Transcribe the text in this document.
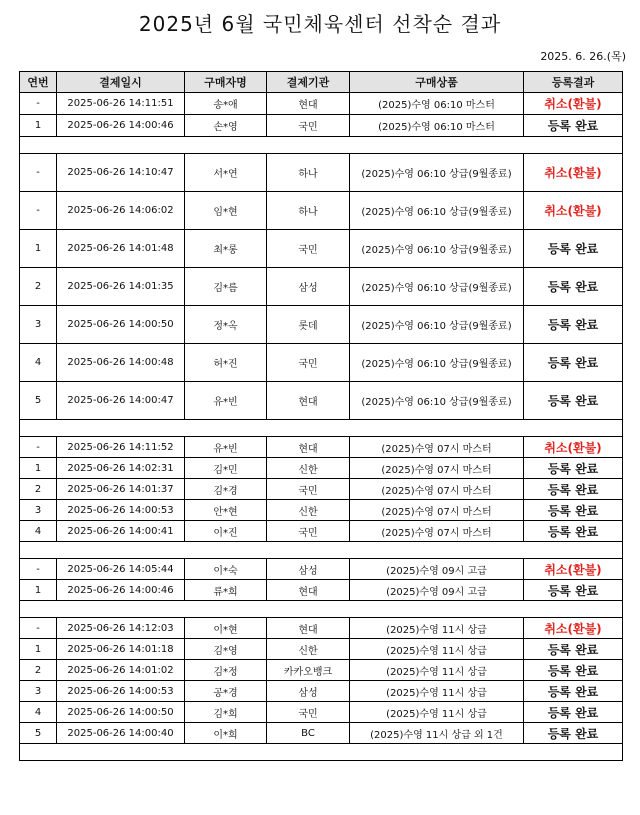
2025년 6월 국민체육센터 선착순 결과
2025. 6. 26.(목)
연번	결제일시	구매자명	결제기관	구매상품	등록결과
-	2025-06-26 14:11:51	송*애	현대	(2025)수영 06:10 마스터	취소(환불)
1	2025-06-26 14:00:46	손*영	국민	(2025)수영 06:10 마스터	등록 완료

-	2025-06-26 14:10:47	서*연	하나	(2025)수영 06:10 상급(9월종료)	취소(환불)
-	2025-06-26 14:06:02	임*현	하나	(2025)수영 06:10 상급(9월종료)	취소(환불)
1	2025-06-26 14:01:48	최*롱	국민	(2025)수영 06:10 상급(9월종료)	등록 완료
2	2025-06-26 14:01:35	김*름	삼성	(2025)수영 06:10 상급(9월종료)	등록 완료
3	2025-06-26 14:00:50	정*옥	롯데	(2025)수영 06:10 상급(9월종료)	등록 완료
4	2025-06-26 14:00:48	허*진	국민	(2025)수영 06:10 상급(9월종료)	등록 완료
5	2025-06-26 14:00:47	유*빈	현대	(2025)수영 06:10 상급(9월종료)	등록 완료

-	2025-06-26 14:11:52	유*빈	현대	(2025)수영 07시 마스터	취소(환불)
1	2025-06-26 14:02:31	김*민	신한	(2025)수영 07시 마스터	등록 완료
2	2025-06-26 14:01:37	김*경	국민	(2025)수영 07시 마스터	등록 완료
3	2025-06-26 14:00:53	안*현	신한	(2025)수영 07시 마스터	등록 완료
4	2025-06-26 14:00:41	이*진	국민	(2025)수영 07시 마스터	등록 완료

-	2025-06-26 14:05:44	이*숙	삼성	(2025)수영 09시 고급	취소(환불)
1	2025-06-26 14:00:46	류*희	현대	(2025)수영 09시 고급	등록 완료

-	2025-06-26 14:12:03	이*현	현대	(2025)수영 11시 상급	취소(환불)
1	2025-06-26 14:01:18	김*영	신한	(2025)수영 11시 상급	등록 완료
2	2025-06-26 14:01:02	김*정	카카오뱅크	(2025)수영 11시 상급	등록 완료
3	2025-06-26 14:00:53	공*경	삼성	(2025)수영 11시 상급	등록 완료
4	2025-06-26 14:00:50	김*희	국민	(2025)수영 11시 상급	등록 완료
5	2025-06-26 14:00:40	이*희	BC	(2025)수영 11시 상급 외 1건	등록 완료
